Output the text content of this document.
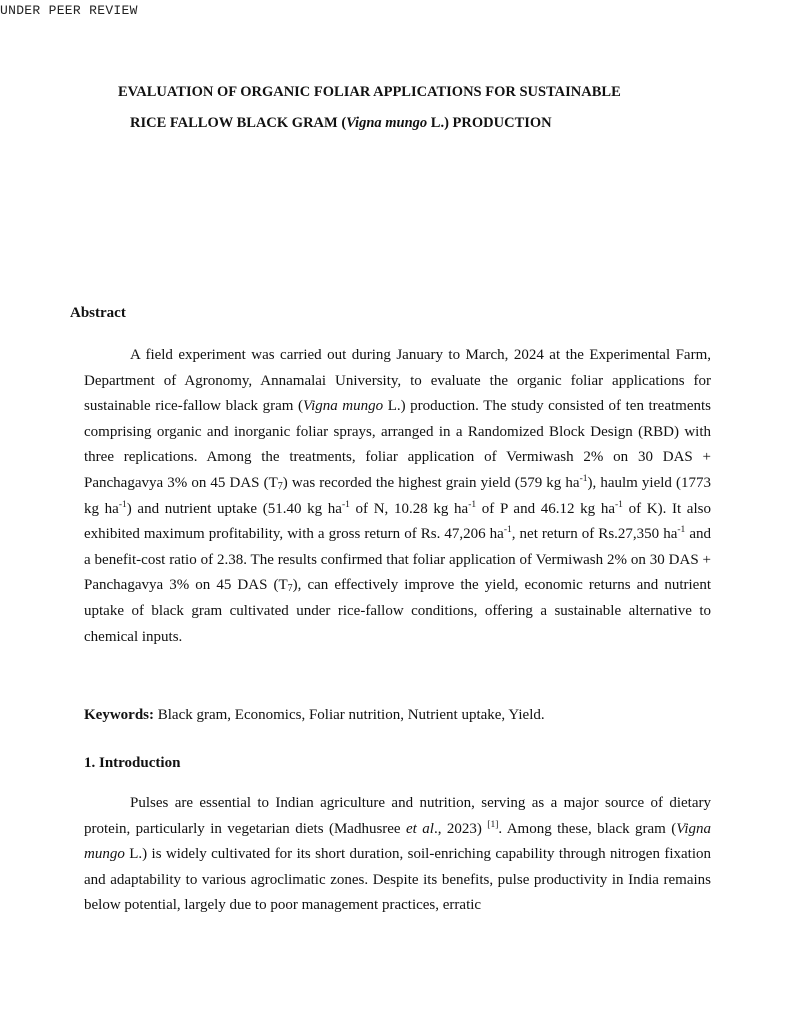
UNDER PEER REVIEW
EVALUATION OF ORGANIC FOLIAR APPLICATIONS FOR SUSTAINABLE
RICE FALLOW BLACK GRAM (Vigna mungo L.) PRODUCTION
Abstract

A field experiment was carried out during January to March, 2024 at the Experimental Farm, Department of Agronomy, Annamalai University, to evaluate the organic foliar applications for sustainable rice-fallow black gram (Vigna mungo L.) production. The study consisted of ten treatments comprising organic and inorganic foliar sprays, arranged in a Randomized Block Design (RBD) with three replications. Among the treatments, foliar application of Vermiwash 2% on 30 DAS + Panchagavya 3% on 45 DAS $(T_7)$ was recorded the highest grain yield (579 kg $ha^{-1}$), haulm yield (1773 kg $ha^{-1}$) and nutrient uptake (51.40 kg $ha^{-1}$ of N, 10.28 kg $ha^{-1}$ of P and 46.12 kg $ha^{-1}$ of K). It also exhibited maximum profitability, with a gross return of Rs. 47,206 $ha^{-1}$, net return of Rs.27,350 $ha^{-1}$ and a benefit-cost ratio of 2.38. The results confirmed that foliar application of Vermiwash 2% on 30 DAS + Panchagavya 3% on 45 DAS $(T_7)$, can effectively improve the yield, economic returns and nutrient uptake of black gram cultivated under rice-fallow conditions, offering a sustainable alternative to chemical inputs.

Keywords: Black gram, Economics, Foliar nutrition, Nutrient uptake, Yield.
1. Introduction

Pulses are essential to Indian agriculture and nutrition, serving as a major source of dietary protein, particularly in vegetarian diets (Madhusree et al., 2023) [1]. Among these, black gram (Vigna mungo L.) is widely cultivated for its short duration, soil-enriching capability through nitrogen fixation and adaptability to various agroclimatic zones. Despite its benefits, pulse productivity in India remains below potential, largely due to poor management practices, erratic
